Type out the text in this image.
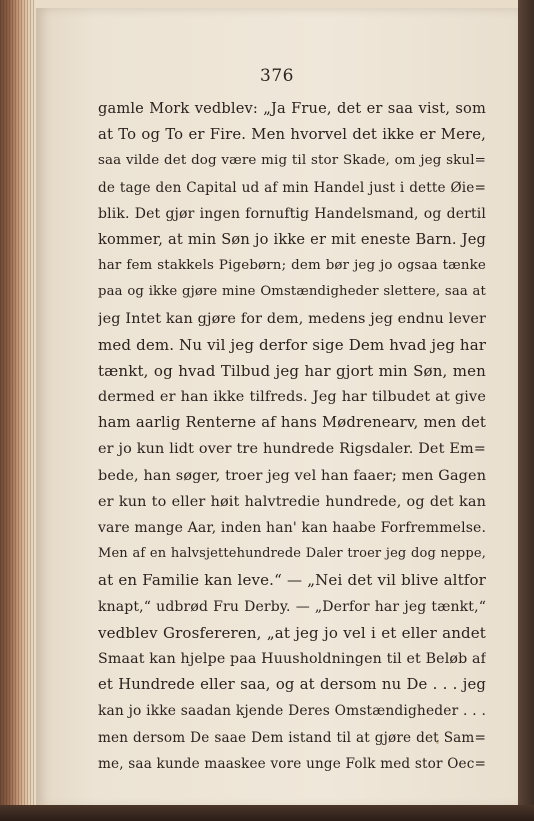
376
gamle Mork vedblev: „Ja Frue, det er saa vist, som
at To og To er Fire. Men hvorvel det ikke er Mere,
saa vilde det dog være mig til stor Skade, om jeg skul=
de tage den Capital ud af min Handel just i dette Øie=
blik. Det gjør ingen fornuftig Handelsmand, og dertil
kommer, at min Søn jo ikke er mit eneste Barn. Jeg
har fem stakkels Pigebørn; dem bør jeg jo ogsaa tænke
paa og ikke gjøre mine Omstændigheder slettere, saa at
jeg Intet kan gjøre for dem, medens jeg endnu lever
med dem. Nu vil jeg derfor sige Dem hvad jeg har
tænkt, og hvad Tilbud jeg har gjort min Søn, men
dermed er han ikke tilfreds. Jeg har tilbudet at give
ham aarlig Renterne af hans Mødrenearv, men det
er jo kun lidt over tre hundrede Rigsdaler. Det Em=
bede, han søger, troer jeg vel han faaer; men Gagen
er kun to eller høit halvtredie hundrede, og det kan
vare mange Aar, inden han' kan haabe Forfremmelse.
Men af en halvsjettehundrede Daler troer jeg dog neppe,
at en Familie kan leve.“ — „Nei det vil blive altfor
knapt,“ udbrød Fru Derby. — „Derfor har jeg tænkt,“
vedblev Grosfereren, „at jeg jo vel i et eller andet
Smaat kan hjelpe paa Huusholdningen til et Beløb af
et Hundrede eller saa, og at dersom nu De . . . jeg
kan jo ikke saadan kjende Deres Omstændigheder . . .
men dersom De saae Dem istand til at gjøre det Sam=
me, saa kunde maaskee vore unge Folk med stor Oec=
